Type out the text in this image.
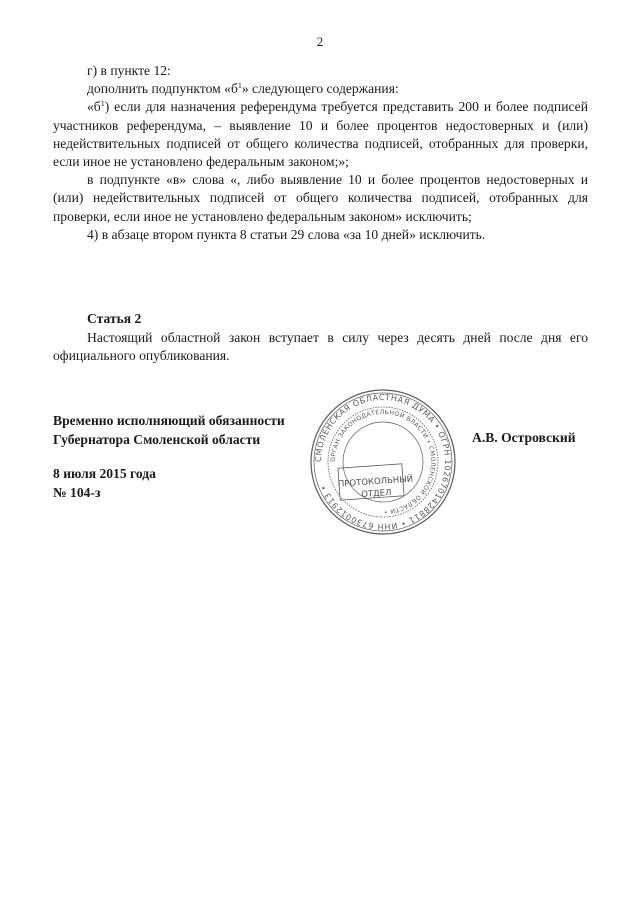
2

г) в пункте 12:

дополнить подпунктом «$б^1$» следующего содержания:

«$б^1$) если для назначения референдума требуется представить 200 и более подписей участников референдума, – выявление 10 и более процентов недостоверных и (или) недействительных подписей от общего количества подписей, отобранных для проверки, если иное не установлено федеральным законом;»;

в подпункте «в» слова «, либо выявление 10 и более процентов недостоверных и (или) недействительных подписей от общего количества подписей, отобранных для проверки, если иное не установлено федеральным законом» исключить;

4) в абзаце втором пункта 8 статьи 29 слова «за 10 дней» исключить.

Статья 2

Настоящий областной закон вступает в силу через десять дней после дня его официального опубликования.

Временно исполняющий обязанности
Губернатора Смоленской области	А.В. Островский
8 июля 2015 года
№ 104-з
СМОЛЕНСКАЯ ОБЛАСТНАЯ ДУМА • ОГРН 1026701428811 • ИНН 6730012913 •
ОРГАН ЗАКОНОДАТЕЛЬНОЙ ВЛАСТИ • СМОЛЕНСКОЙ ОБЛАСТИ •
ПРОТОКОЛЬНЫЙ
ОТДЕЛ
